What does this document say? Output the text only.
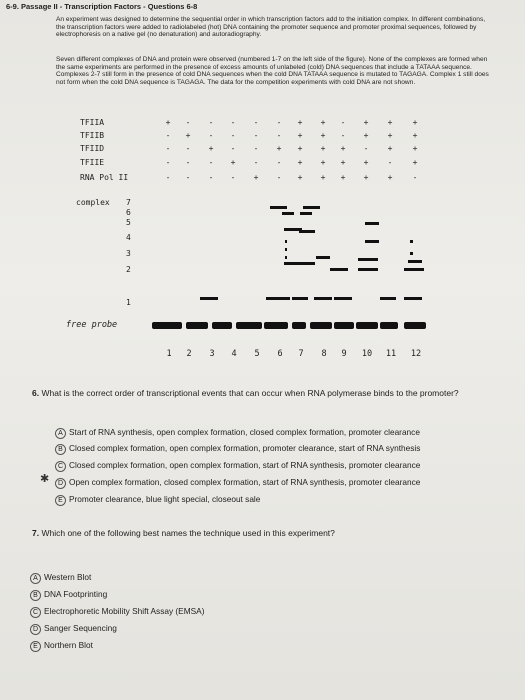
6-9. Passage II - Transcription Factors - Questions 6-8
An experiment was designed to determine the sequential order in which transcription factors add to the initiation complex. In different combinations, the transcription factors were added to radiolabeled (hot) DNA containing the promoter sequence and promoter proximal sequences, followed by electrophoresis on a native gel (no denaturation) and autoradiography.
Seven different complexes of DNA and protein were observed (numbered 1-7 on the left side of the figure). None of the complexes are formed when the same experiments are performed in the presence of excess amounts of unlabeled (cold) DNA sequences that include a TATAAA sequence. Complexes 2-7 still form in the presence of cold DNA sequences when the cold DNA TATAAA sequence is mutated to TAGAGA. Complex 1 still does not form when the cold DNA sequence is TAGAGA. The data for the competition experiments with cold DNA are not shown.
TFIIA	+	-	-	-	-	-	+	+	-	+	+	+
TFIIB	-	+	-	-	-	-	+	+	-	+	+	+
TFIID	-	-	+	-	-	+	+	+	+	-	+	+
TFIIE	-	-	-	+	-	-	+	+	+	+	-	+
RNA Pol II	-	-	-	-	+	-	+	+	+	+	+	-
complex 7
6
5
4
3
2
1
free probe
1	2	3	4	5	6	7	8	9	10	11	12
✱
6. What is the correct order of transcriptional events that can occur when RNA polymerase binds to the promoter?
A Start of RNA synthesis, open complex formation, closed complex formation, promoter clearance
B Closed complex formation, open complex formation, promoter clearance, start of RNA synthesis
C Closed complex formation, open complex formation, start of RNA synthesis, promoter clearance
D Open complex formation, closed complex formation, start of RNA synthesis, promoter clearance
E Promoter clearance, blue light special, closeout sale
7. Which one of the following best names the technique used in this experiment?
A Western Blot
B DNA Footprinting
C Electrophoretic Mobility Shift Assay (EMSA)
D Sanger Sequencing
E Northern Blot
